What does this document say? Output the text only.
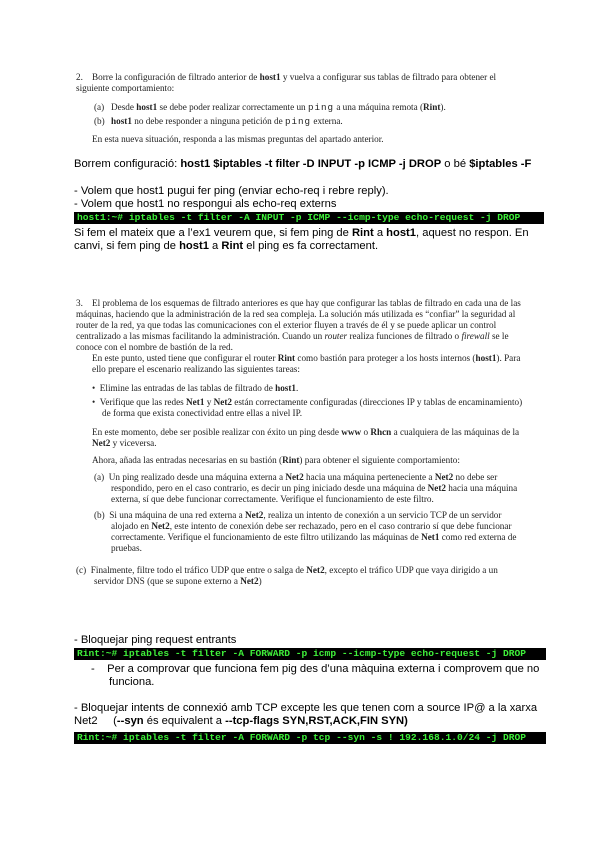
2. Borre la configuración de filtrado anterior de host1 y vuelva a configurar sus tablas de filtrado para obtener el siguiente comportamiento:

(a) Desde host1 se debe poder realizar correctamente un ping a una máquina remota (Rint).

(b) host1 no debe responder a ninguna petición de ping externa.

En esta nueva situación, responda a las mismas preguntas del apartado anterior.

Borrem configuració: host1 $iptables -t filter -D INPUT -p ICMP -j DROP o bé $iptables -F

- Volem que host1 pugui fer ping (enviar echo-req i rebre reply).

- Volem que host1 no respongui als echo-req externs

host1:~# iptables -t filter -A INPUT -p ICMP --icmp-type echo-request -j DROP

Si fem el mateix que a l’ex1 veurem que, si fem ping de Rint a host1, aquest no respon. En canvi, si fem ping de host1 a Rint el ping es fa correctament.

3. El problema de los esquemas de filtrado anteriores es que hay que configurar las tablas de filtrado en cada una de las máquinas, haciendo que la administración de la red sea compleja. La solución más utilizada es “confiar” la seguridad al router de la red, ya que todas las comunicaciones con el exterior fluyen a través de él y se puede aplicar un control centralizado a las mismas facilitando la administración. Cuando un router realiza funciones de filtrado o firewall se le conoce con el nombre de bastión de la red.

En este punto, usted tiene que configurar el router Rint como bastión para proteger a los hosts internos (host1). Para ello prepare el escenario realizando las siguientes tareas:

•  Elimine las entradas de las tablas de filtrado de host1.

•  Verifique que las redes Net1 y Net2 están correctamente configuradas (direcciones IP y tablas de encaminamiento) de forma que exista conectividad entre ellas a nivel IP.

En este momento, debe ser posible realizar con éxito un ping desde www o Rhcn a cualquiera de las máquinas de la Net2 y viceversa.

Ahora, añada las entradas necesarias en su bastión (Rint) para obtener el siguiente comportamiento:

(a)  Un ping realizado desde una máquina externa a Net2 hacia una máquina perteneciente a Net2 no debe ser respondido, pero en el caso contrario, es decir un ping iniciado desde una máquina de Net2 hacia una máquina externa, sí que debe funcionar correctamente. Verifique el funcionamiento de este filtro.

(b)  Si una máquina de una red externa a Net2, realiza un intento de conexión a un servicio TCP de un servidor alojado en Net2, este intento de conexión debe ser rechazado, pero en el caso contrario sí que debe funcionar correctamente. Verifique el funcionamiento de este filtro utilizando las máquinas de Net1 como red externa de pruebas.

(c)  Finalmente, filtre todo el tráfico UDP que entre o salga de Net2, excepto el tráfico UDP que vaya dirigido a un servidor DNS (que se supone externo a Net2)

- Bloquejar ping request entrants

Rint:~# iptables -t filter -A FORWARD -p icmp --icmp-type echo-request -j DROP

-    Per a comprovar que funciona fem pig des d’una màquina externa i comprovem que no funciona.

- Bloquejar intents de connexió amb TCP excepte les que tenen com a source IP@ a la xarxa Net2     (--syn és equivalent a --tcp-flags SYN,RST,ACK,FIN SYN)

Rint:~# iptables -t filter -A FORWARD -p tcp --syn -s ! 192.168.1.0/24 -j DROP
